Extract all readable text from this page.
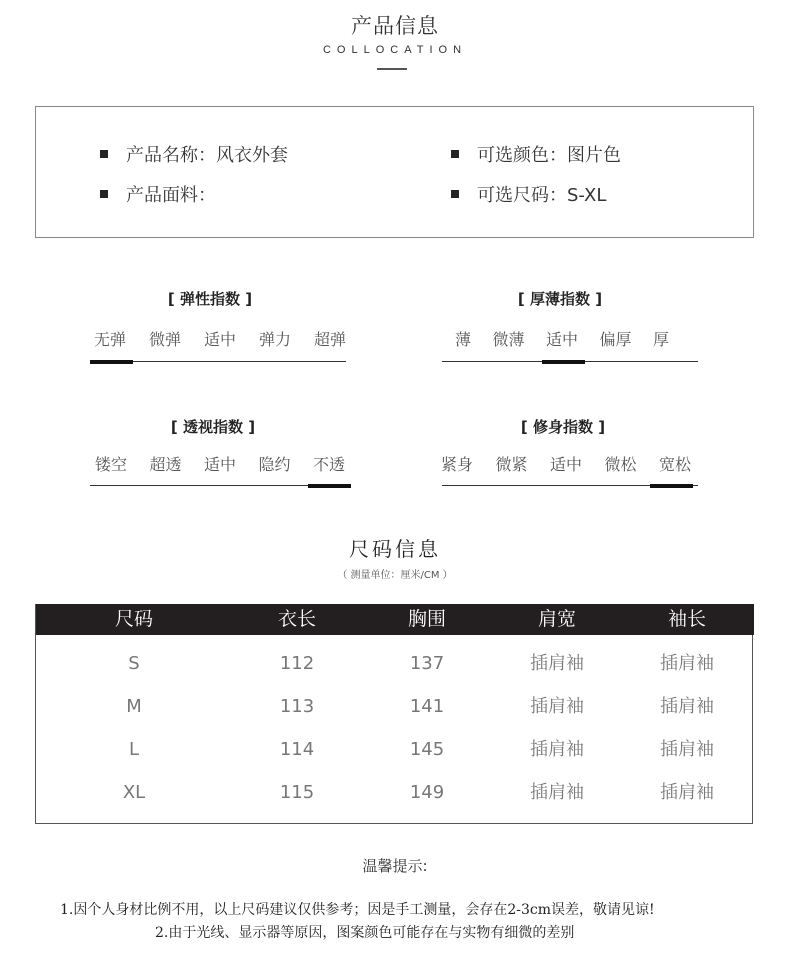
产品信息
COLLOCATION
产品名称：风衣外套
产品面料：
可选颜色：图片色
可选尺码：S-XL
[ 弹性指数 ]
无弹 微弹 适中 弹力 超弹
[ 厚薄指数 ]
薄 微薄 适中 偏厚 厚
[ 透视指数 ]
镂空 超透 适中 隐约 不透
[ 修身指数 ]
紧身 微紧 适中 微松 宽松
尺码信息
（ 测量单位：厘米/CM ）
尺码	衣长	胸围	肩宽	袖长
S	112	137	插肩袖	插肩袖
M	113	141	插肩袖	插肩袖
L	114	145	插肩袖	插肩袖
XL	115	149	插肩袖	插肩袖
温馨提示:
1.因个人身材比例不用，以上尺码建议仅供参考；因是手工测量，会存在2-3cm误差，敬请见谅!
2.由于光线、显示器等原因，图案颜色可能存在与实物有细微的差别
